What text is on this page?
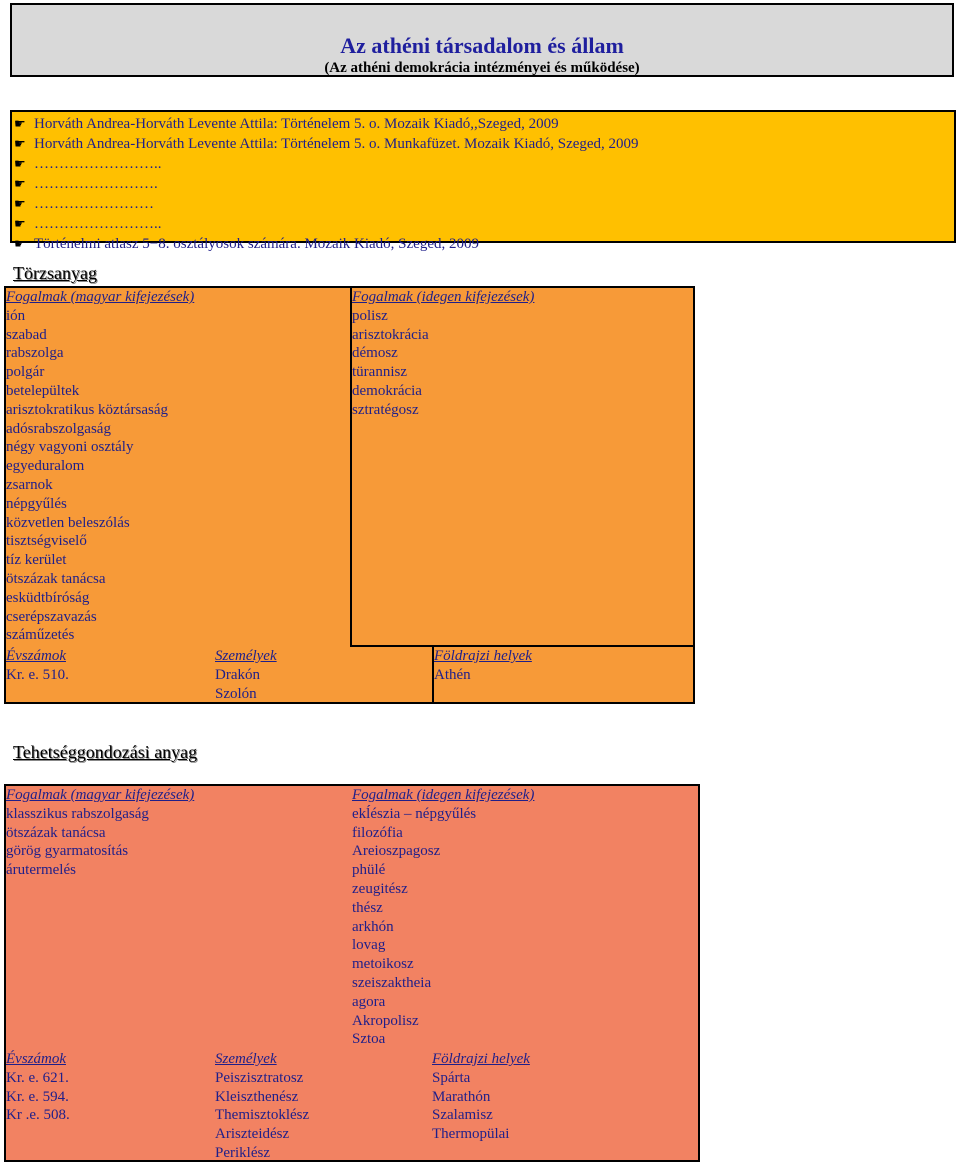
Az athéni társadalom és állam
(Az athéni demokrácia intézményei és működése)
☛ Horváth Andrea-Horváth Levente Attila: Történelem 5. o. Mozaik Kiadó,,Szeged, 2009
☛ Horváth Andrea-Horváth Levente Attila: Történelem 5. o. Munkafüzet. Mozaik Kiadó, Szeged, 2009
☛ ……………………..
☛ …………………….
☛ ……………………
☛ ……………………..
☛ Történelmi atlasz 5−8. osztályosok számára. Mozaik Kiadó, Szeged, 2009
Törzsanyag
Fogalmak (magyar kifejezések)
ión
szabad
rabszolga
polgár
betelepültek
arisztokratikus köztársaság
adósrabszolgaság
négy vagyoni osztály
egyeduralom
zsarnok
népgyűlés
közvetlen beleszólás
tisztségviselő
tíz kerület
ötszázak tanácsa
esküdtbíróság
cserépszavazás
száműzetés
Fogalmak (idegen kifejezések)
polisz
arisztokrácia
démosz
türannisz
demokrácia
sztratégosz
Évszámok
Kr. e. 510.
Személyek
Drakón
Szolón
Földrajzi helyek
Athén
Tehetséggondozási anyag
Fogalmak (magyar kifejezések)
klasszikus rabszolgaság
ötszázak tanácsa
görög gyarmatosítás
árutermelés
Fogalmak (idegen kifejezések)
ekĺészia – népgyűlés
filozófia
Areioszpagosz
phülé
zeugitész
thész
arkhón
lovag
metoikosz
szeiszaktheia
agora
Akropolisz
Sztoa
Évszámok
Kr. e. 621.
Kr. e. 594.
Kr .e. 508.
Személyek
Peiszisztratosz
Kleiszthenész
Themisztoklész
Arisztеidész
Periklész
Földrajzi helyek
Spárta
Marathón
Szalamisz
Thermopülai
